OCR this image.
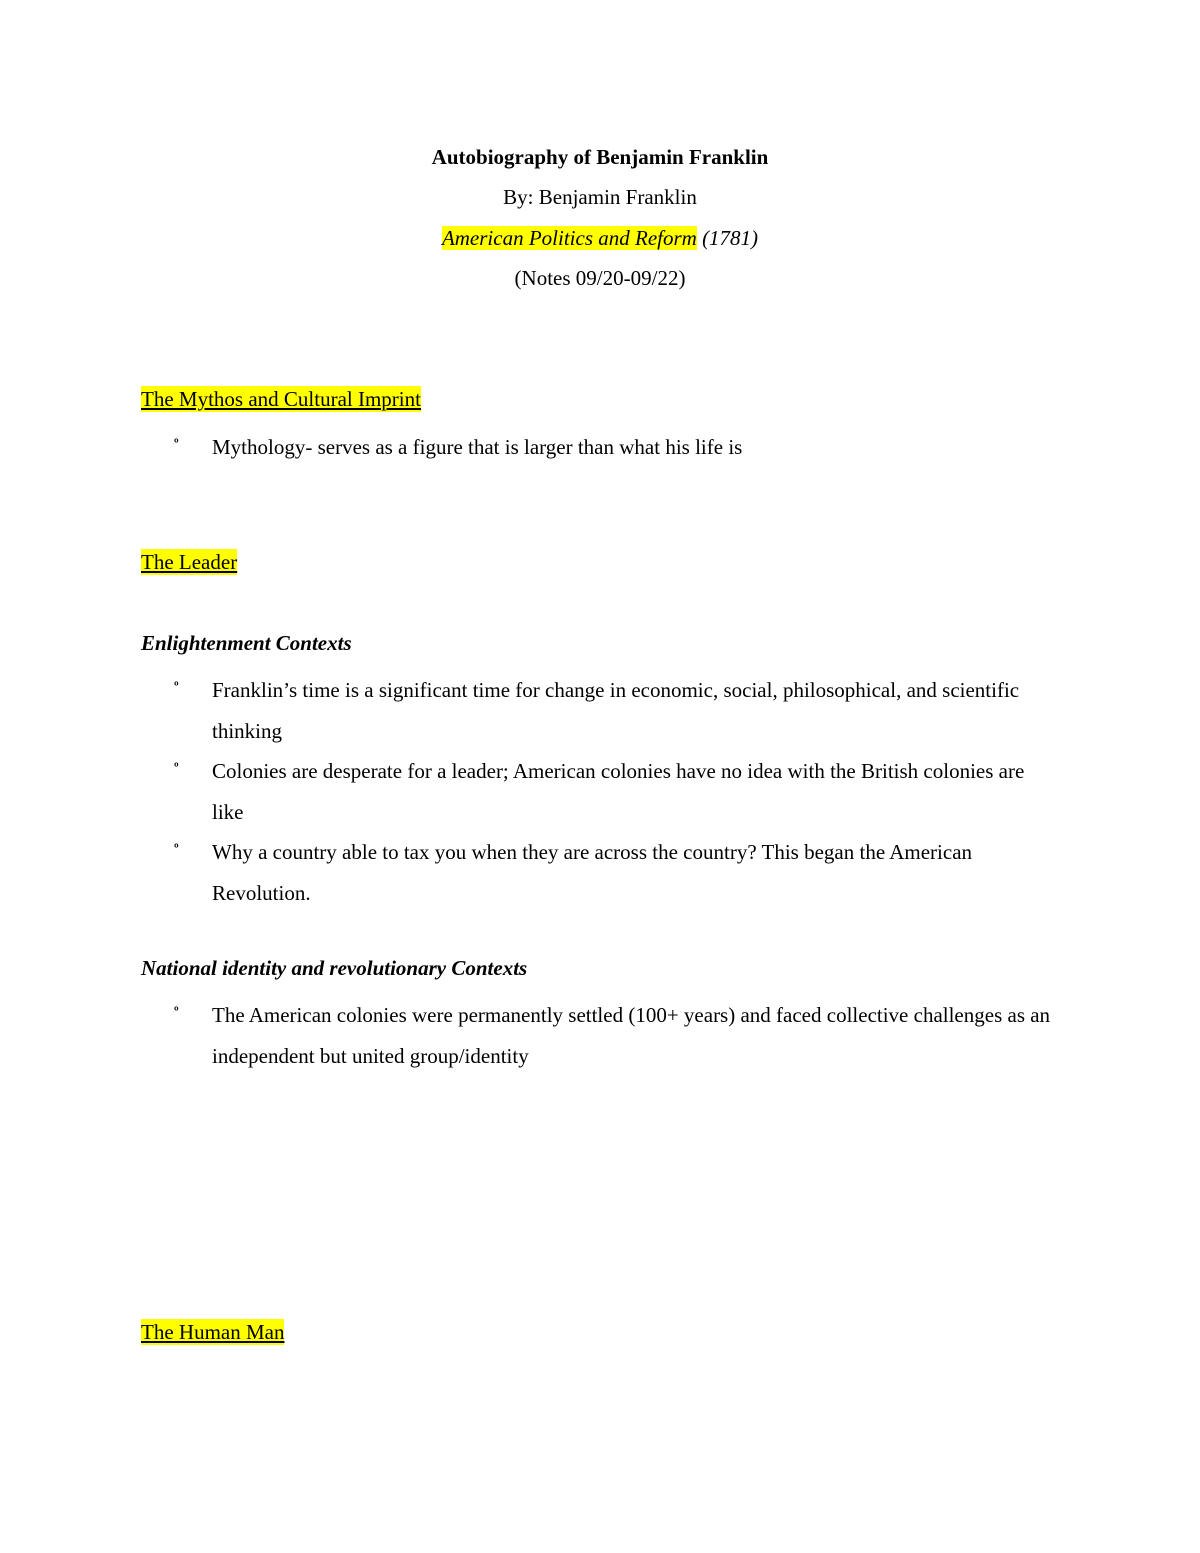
Autobiography of Benjamin Franklin
By: Benjamin Franklin
American Politics and Reform (1781)
(Notes 09/20-09/22)
The Mythos and Cultural Imprint
º Mythology- serves as a figure that is larger than what his life is
The Leader
Enlightenment Contexts
º Franklin’s time is a significant time for change in economic, social, philosophical, and scientific thinking
º Colonies are desperate for a leader; American colonies have no idea with the British colonies are like
º Why a country able to tax you when they are across the country? This began the American Revolution.
National identity and revolutionary Contexts
º The American colonies were permanently settled (100+ years) and faced collective challenges as an independent but united group/identity
The Human Man
